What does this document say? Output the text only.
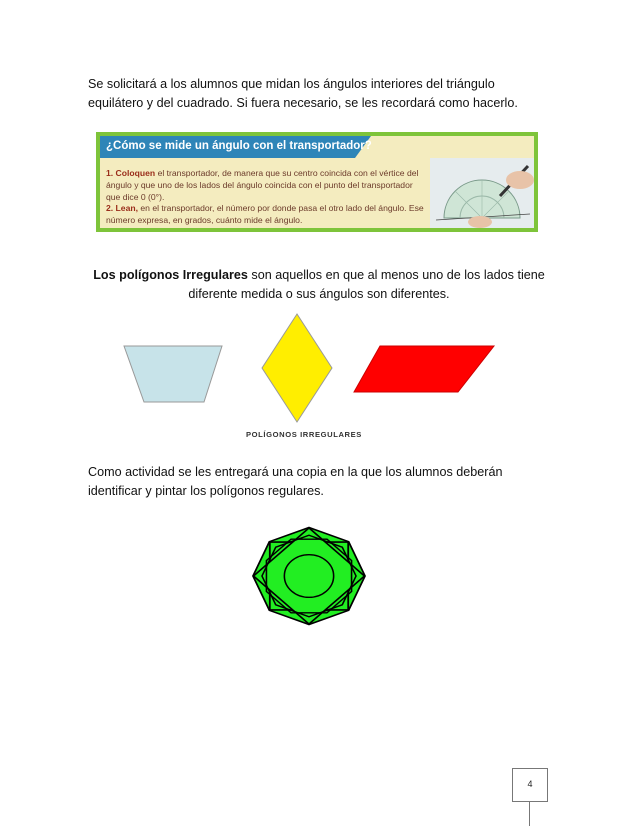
Se solicitará a los alumnos que midan los ángulos interiores del triángulo
equilátero y del cuadrado. Si fuera necesario, se les recordará como hacerlo.
¿Cómo se mide un ángulo con el transportador?
1. Coloquen el transportador, de manera que su centro coincida con el vértice del ángulo y que uno de los lados del ángulo coincida con el punto del transportador que dice 0 (0°).
2. Lean, en el transportador, el número por donde pasa el otro lado del ángulo. Ese número expresa, en grados, cuánto mide el ángulo.
Los polígonos Irregulares son aquellos en que al menos uno de los lados tiene
diferente medida o sus ángulos son diferentes.
POLÍGONOS IRREGULARES
Como actividad se les entregará una copia en la que los alumnos deberán
identificar y pintar los polígonos regulares.
4
